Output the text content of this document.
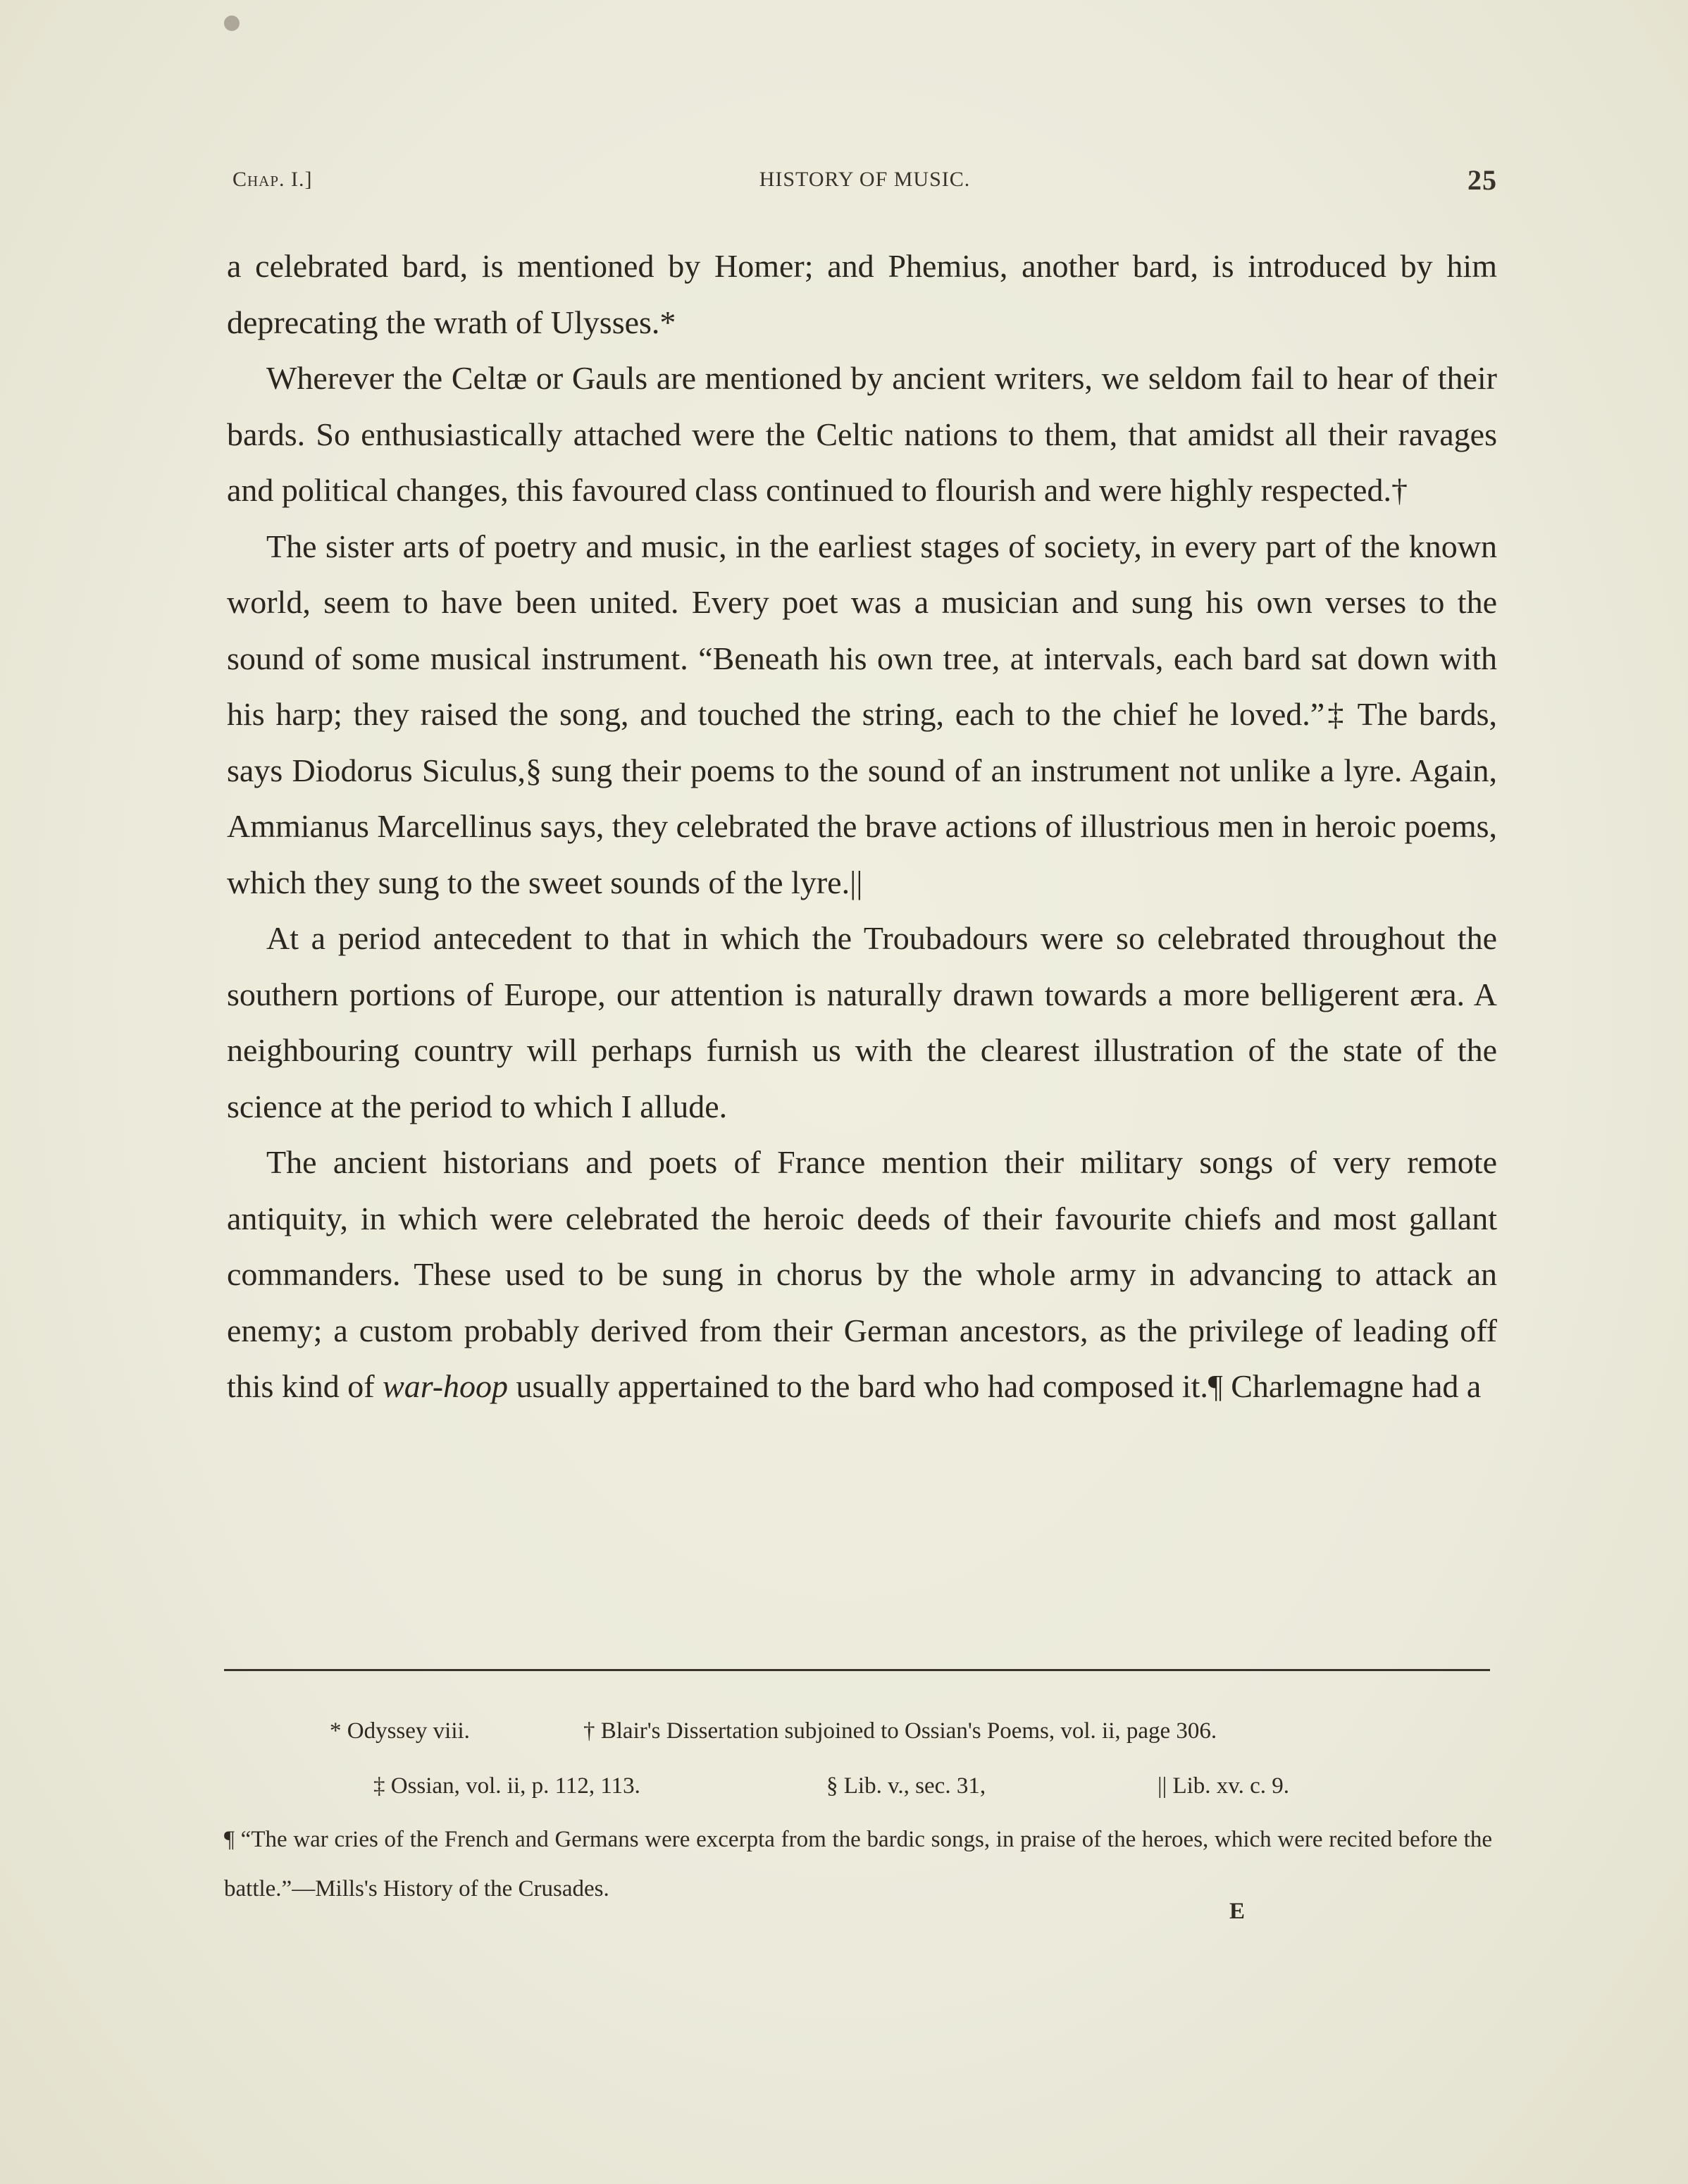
Chap. I.]	HISTORY OF MUSIC.	25

a celebrated bard, is mentioned by Homer; and Phemius, another bard, is introduced by him deprecating the wrath of Ulysses.*

Wherever the Celtæ or Gauls are mentioned by ancient writers, we seldom fail to hear of their bards. So enthusiastically attached were the Celtic nations to them, that amidst all their ravages and political changes, this favoured class continued to flourish and were highly respected.†

The sister arts of poetry and music, in the earliest stages of society, in every part of the known world, seem to have been united. Every poet was a musician and sung his own verses to the sound of some musical instrument. “Beneath his own tree, at intervals, each bard sat down with his harp; they raised the song, and touched the string, each to the chief he loved.”‡ The bards, says Diodorus Siculus,§ sung their poems to the sound of an instrument not unlike a lyre. Again, Ammianus Marcellinus says, they celebrated the brave actions of illustrious men in heroic poems, which they sung to the sweet sounds of the lyre.||

At a period antecedent to that in which the Troubadours were so celebrated throughout the southern portions of Europe, our attention is naturally drawn towards a more belligerent æra. A neighbouring country will perhaps furnish us with the clearest illustration of the state of the science at the period to which I allude.

The ancient historians and poets of France mention their military songs of very remote antiquity, in which were celebrated the heroic deeds of their favourite chiefs and most gallant commanders. These used to be sung in chorus by the whole army in advancing to attack an enemy; a custom probably derived from their German ancestors, as the privilege of leading off this kind of war-hoop usually appertained to the bard who had composed it.¶ Charlemagne had a

* Odyssey viii.	† Blair's Dissertation subjoined to Ossian's Poems, vol. ii, page 306.
‡ Ossian, vol. ii, p. 112, 113.	§ Lib. v., sec. 31,	|| Lib. xv. c. 9.
¶ “The war cries of the French and Germans were excerpta from the bardic songs, in praise of the heroes, which were recited before the battle.”—Mills's History of the Crusades.
E
